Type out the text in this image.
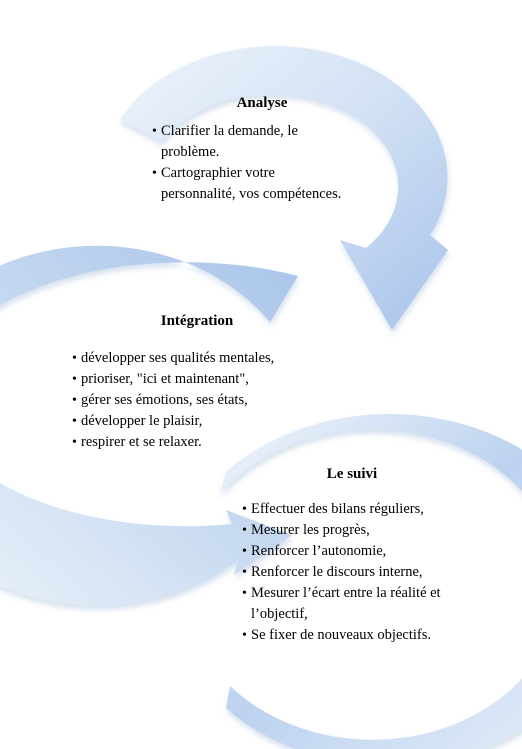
Analyse
• Clarifier la demande, le
problème.
• Cartographier votre
personnalité, vos compétences.
Intégration
• développer ses qualités mentales,
• prioriser, "ici et maintenant",
• gérer ses émotions, ses états,
• développer le plaisir,
• respirer et se relaxer.
Le suivi
• Effectuer des bilans réguliers,
• Mesurer les progrès,
• Renforcer l’autonomie,
• Renforcer le discours interne,
• Mesurer l’écart entre la réalité et
l’objectif,
• Se fixer de nouveaux objectifs.
